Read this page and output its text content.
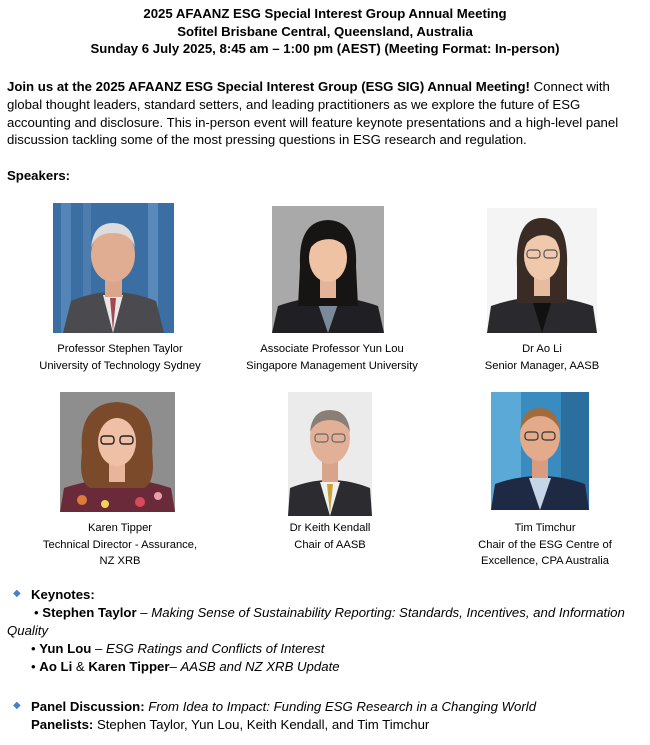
2025 AFAANZ ESG Special Interest Group Annual Meeting
Sofitel Brisbane Central, Queensland, Australia
Sunday 6 July 2025, 8:45 am – 1:00 pm (AEST) (Meeting Format: In-person)
Join us at the 2025 AFAANZ ESG Special Interest Group (ESG SIG) Annual Meeting! Connect with global thought leaders, standard setters, and leading practitioners as we explore the future of ESG accounting and disclosure. This in-person event will feature keynote presentations and a high-level panel discussion tackling some of the most pressing questions in ESG research and regulation.
Speakers:
Professor Stephen Taylor
University of Technology Sydney
Associate Professor Yun Lou
Singapore Management University
Dr Ao Li
Senior Manager, AASB
Karen Tipper
Technical Director - Assurance,
NZ XRB
Dr Keith Kendall
Chair of AASB
Tim Timchur
Chair of the ESG Centre of
Excellence, CPA Australia
◆ Keynotes:
• Stephen Taylor – Making Sense of Sustainability Reporting: Standards, Incentives, and Information
Quality
• Yun Lou – ESG Ratings and Conflicts of Interest
• Ao Li & Karen Tipper– AASB and NZ XRB Update
◆ Panel Discussion: From Idea to Impact: Funding ESG Research in a Changing World
Panelists: Stephen Taylor, Yun Lou, Keith Kendall, and Tim Timchur
